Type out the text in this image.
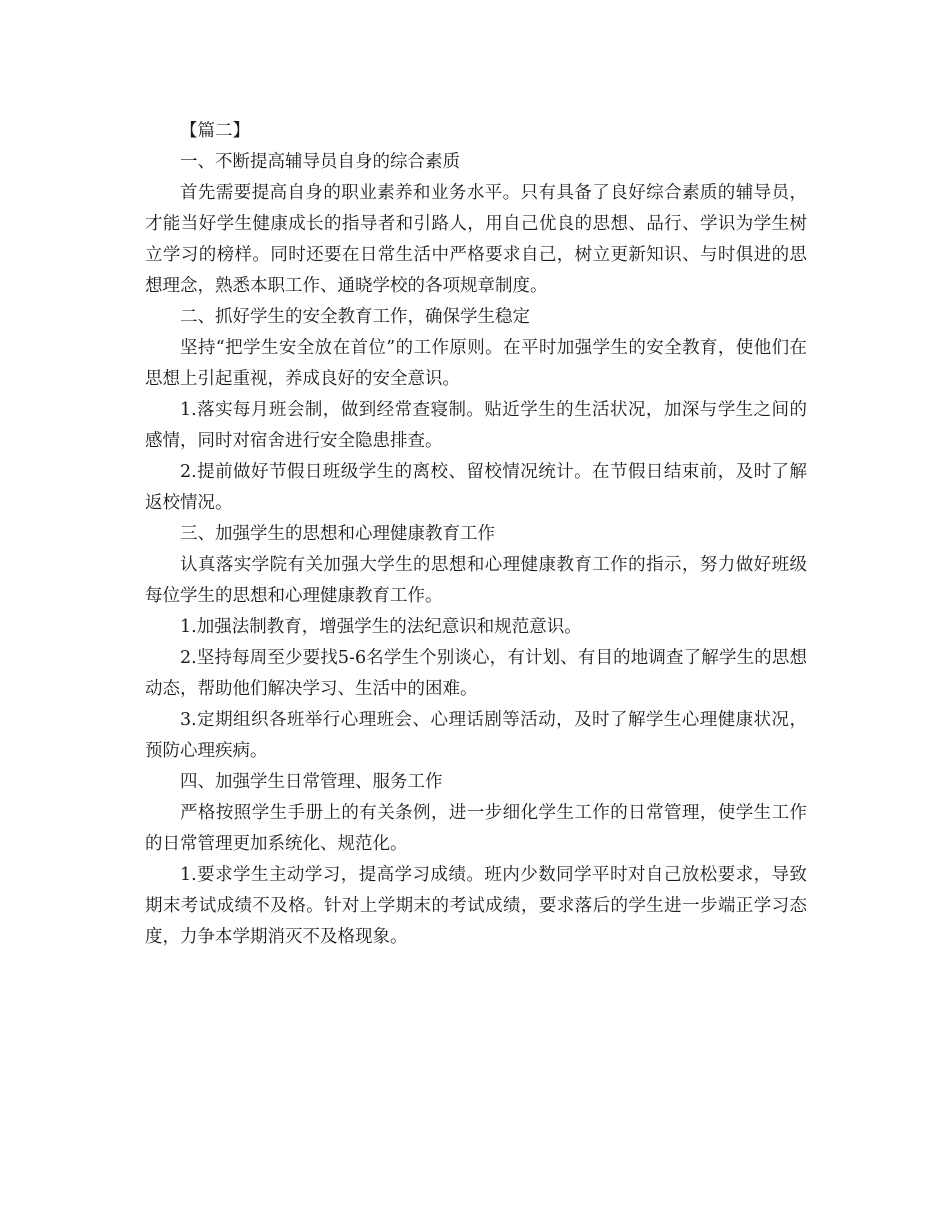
【篇二】

一、不断提高辅导员自身的综合素质

首先需要提高自身的职业素养和业务水平。只有具备了良好综合素质的辅导员，才能当好学生健康成长的指导者和引路人，用自己优良的思想、品行、学识为学生树立学习的榜样。同时还要在日常生活中严格要求自己，树立更新知识、与时俱进的思想理念，熟悉本职工作、通晓学校的各项规章制度。

二、抓好学生的安全教育工作，确保学生稳定

坚持“把学生安全放在首位”的工作原则。在平时加强学生的安全教育，使他们在思想上引起重视，养成良好的安全意识。

1.落实每月班会制，做到经常查寝制。贴近学生的生活状况，加深与学生之间的感情，同时对宿舍进行安全隐患排查。

2.提前做好节假日班级学生的离校、留校情况统计。在节假日结束前，及时了解返校情况。

三、加强学生的思想和心理健康教育工作

认真落实学院有关加强大学生的思想和心理健康教育工作的指示，努力做好班级每位学生的思想和心理健康教育工作。

1.加强法制教育，增强学生的法纪意识和规范意识。

2.坚持每周至少要找5-6名学生个别谈心，有计划、有目的地调查了解学生的思想动态，帮助他们解决学习、生活中的困难。

3.定期组织各班举行心理班会、心理话剧等活动，及时了解学生心理健康状况，预防心理疾病。

四、加强学生日常管理、服务工作

严格按照学生手册上的有关条例，进一步细化学生工作的日常管理，使学生工作的日常管理更加系统化、规范化。

1.要求学生主动学习，提高学习成绩。班内少数同学平时对自己放松要求，导致期末考试成绩不及格。针对上学期末的考试成绩，要求落后的学生进一步端正学习态度，力争本学期消灭不及格现象。
